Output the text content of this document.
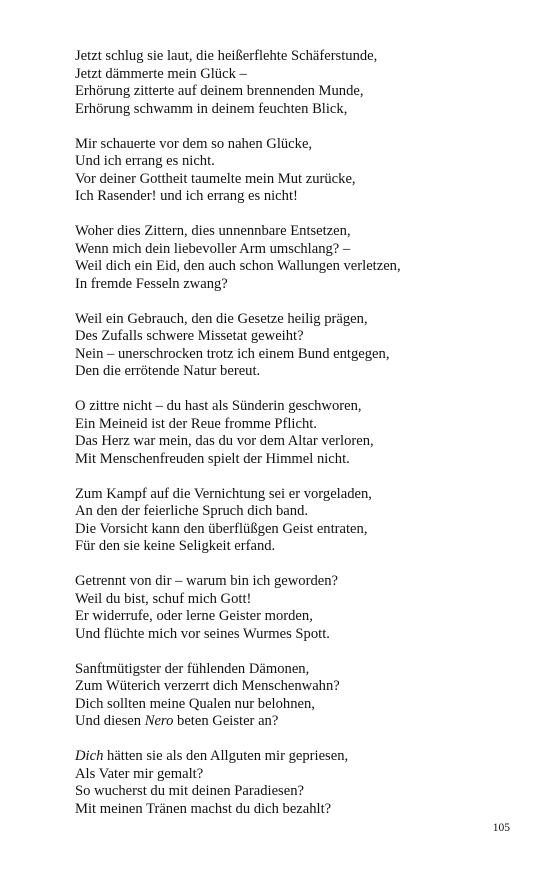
Jetzt schlug sie laut, die heißerflehte Schäferstunde,
Jetzt dämmerte mein Glück –
Erhörung zitterte auf deinem brennenden Munde,
Erhörung schwamm in deinem feuchten Blick,
Mir schauerte vor dem so nahen Glücke,
Und ich errang es nicht.
Vor deiner Gottheit taumelte mein Mut zurücke,
Ich Rasender! und ich errang es nicht!
Woher dies Zittern, dies unnennbare Entsetzen,
Wenn mich dein liebevoller Arm umschlang? –
Weil dich ein Eid, den auch schon Wallungen verletzen,
In fremde Fesseln zwang?
Weil ein Gebrauch, den die Gesetze heilig prägen,
Des Zufalls schwere Missetat geweiht?
Nein – unerschrocken trotz ich einem Bund entgegen,
Den die errötende Natur bereut.
O zittre nicht – du hast als Sünderin geschworen,
Ein Meineid ist der Reue fromme Pflicht.
Das Herz war mein, das du vor dem Altar verloren,
Mit Menschenfreuden spielt der Himmel nicht.
Zum Kampf auf die Vernichtung sei er vorgeladen,
An den der feierliche Spruch dich band.
Die Vorsicht kann den überflüßgen Geist entraten,
Für den sie keine Seligkeit erfand.
Getrennt von dir – warum bin ich geworden?
Weil du bist, schuf mich Gott!
Er widerrufe, oder lerne Geister morden,
Und flüchte mich vor seines Wurmes Spott.
Sanftmütigster der fühlenden Dämonen,
Zum Wüterich verzerrt dich Menschenwahn?
Dich sollten meine Qualen nur belohnen,
Und diesen Nero beten Geister an?
Dich hätten sie als den Allguten mir gepriesen,
Als Vater mir gemalt?
So wucherst du mit deinen Paradiesen?
Mit meinen Tränen machst du dich bezahlt?
105
